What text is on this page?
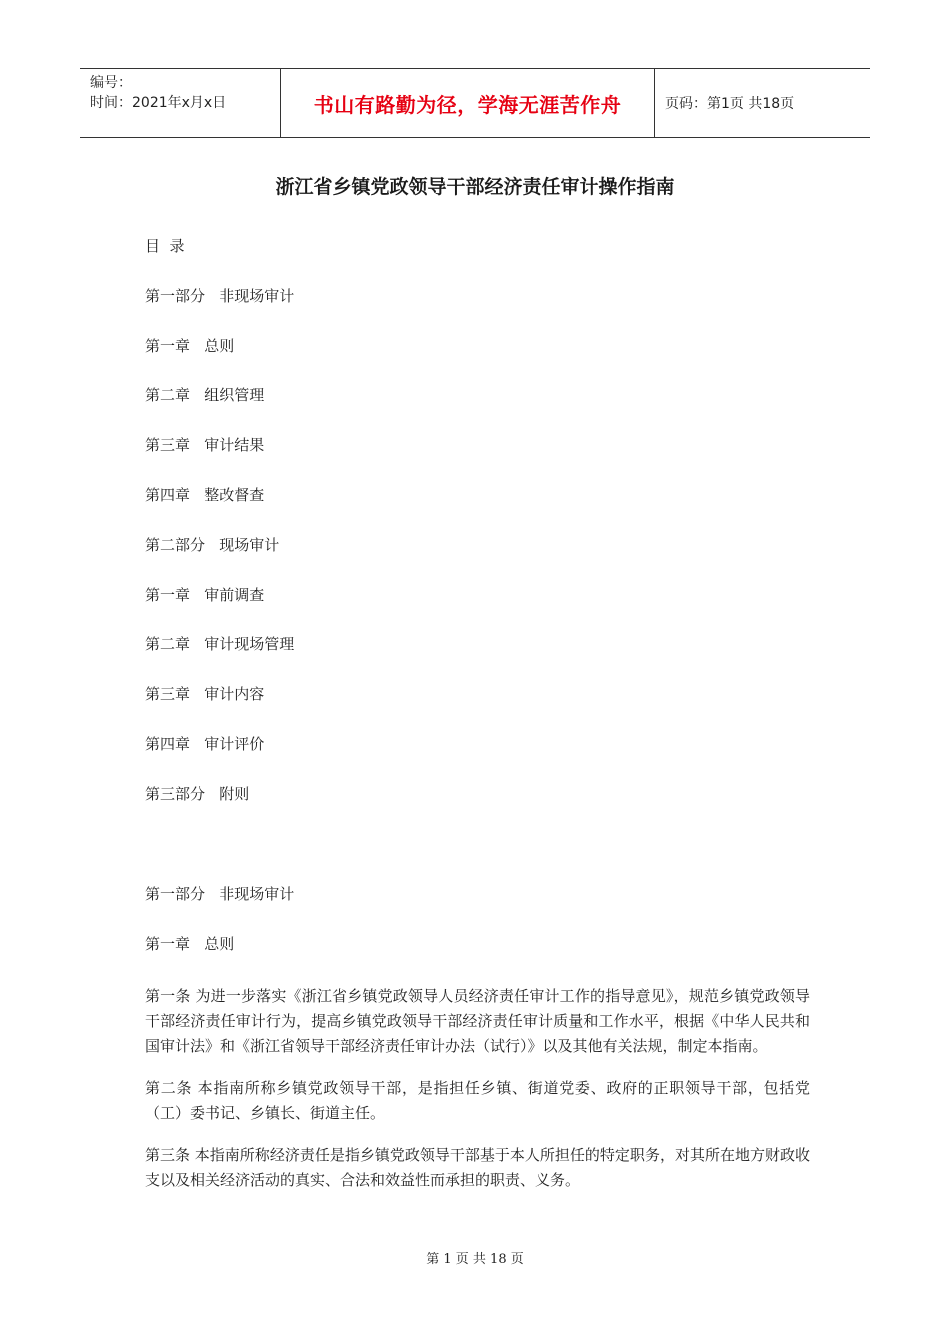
编号：
时间：2021年x月x日	书山有路勤为径，学海无涯苦作舟	页码：第1页 共18页
浙江省乡镇党政领导干部经济责任审计操作指南
目  录
第一部分   非现场审计
第一章   总则
第二章   组织管理
第三章   审计结果
第四章   整改督查
第二部分   现场审计
第一章   审前调查
第二章   审计现场管理
第三章   审计内容
第四章   审计评价
第三部分   附则
第一部分   非现场审计
第一章   总则

第一条 为进一步落实《浙江省乡镇党政领导人员经济责任审计工作的指导意见》，规范乡镇党政领导干部经济责任审计行为，提高乡镇党政领导干部经济责任审计质量和工作水平，根据《中华人民共和国审计法》和《浙江省领导干部经济责任审计办法（试行）》以及其他有关法规，制定本指南。

第二条 本指南所称乡镇党政领导干部，是指担任乡镇、街道党委、政府的正职领导干部，包括党（工）委书记、乡镇长、街道主任。

第三条 本指南所称经济责任是指乡镇党政领导干部基于本人所担任的特定职务，对其所在地方财政收支以及相关经济活动的真实、合法和效益性而承担的职责、义务。

第 1 页 共 18 页
